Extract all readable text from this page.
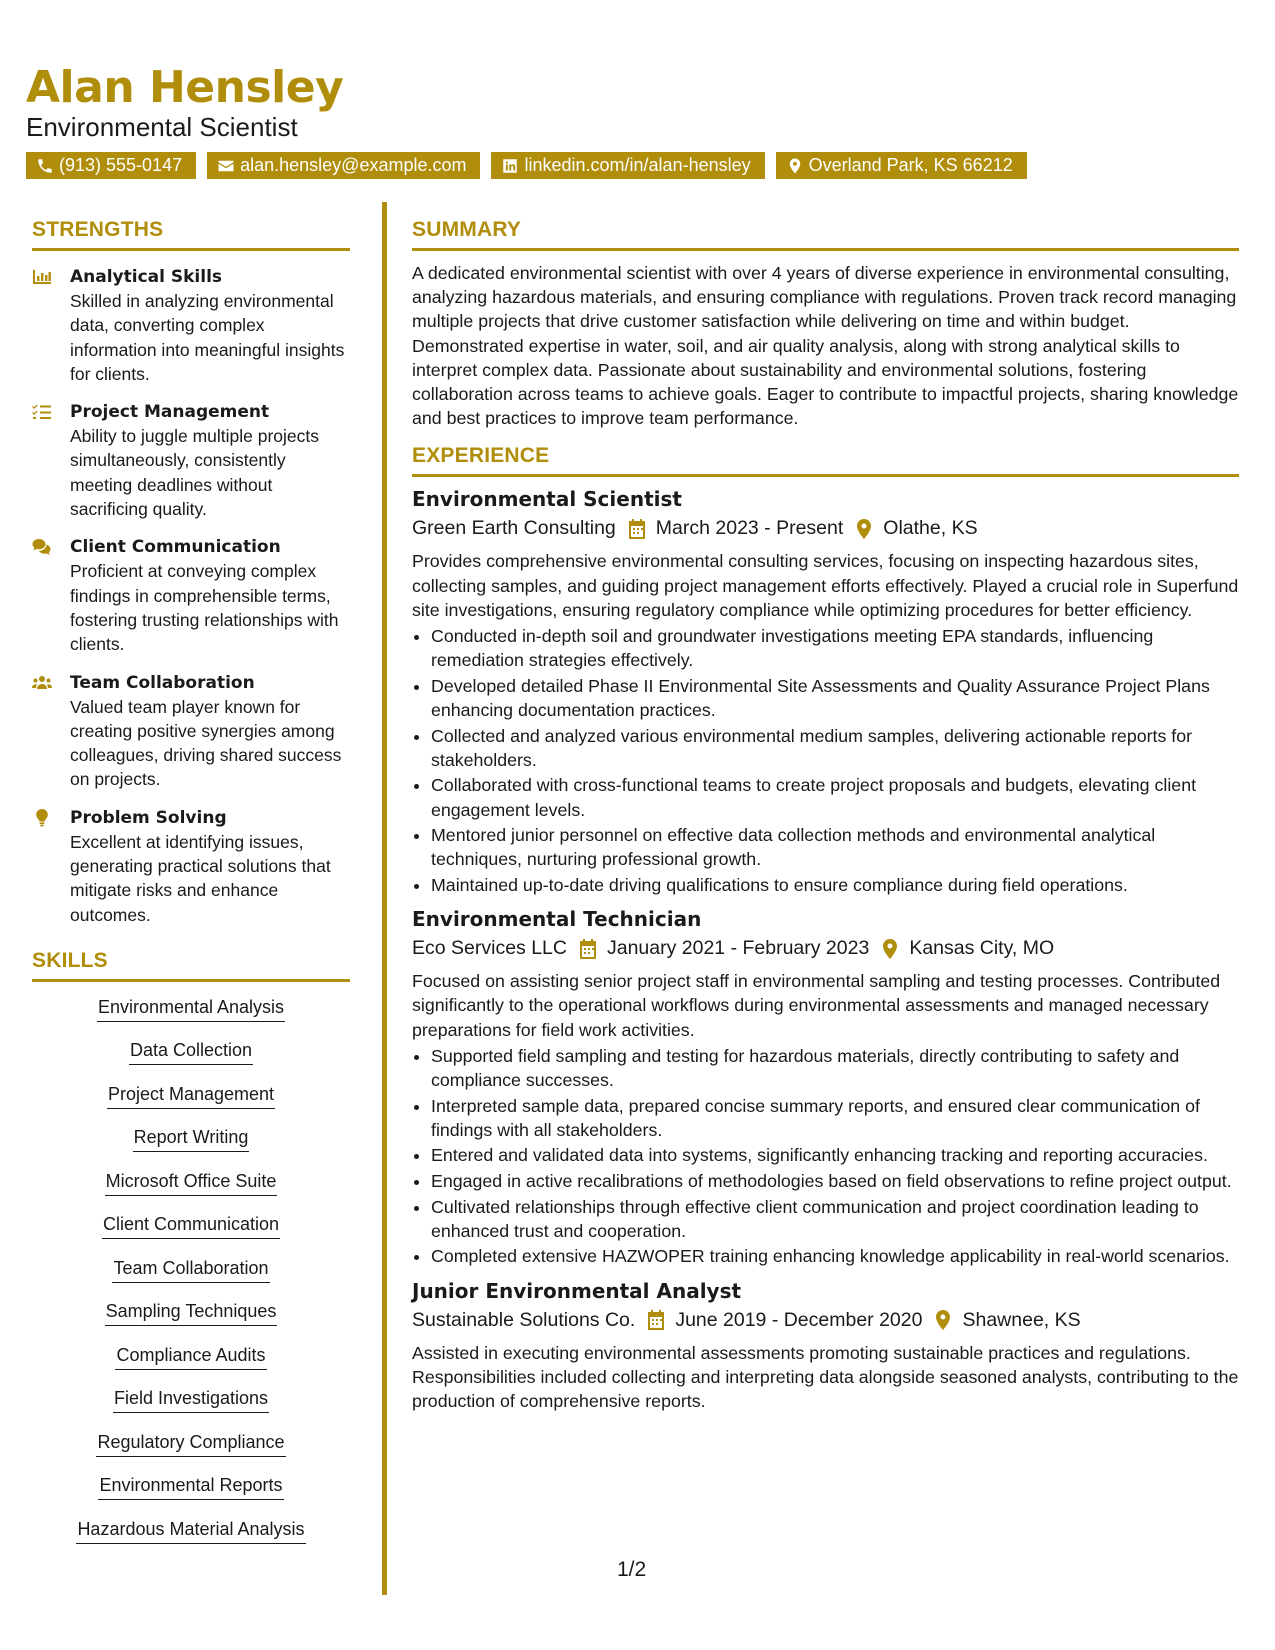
Alan Hensley
Environmental Scientist
(913) 555-0147	alan.hensley@example.com	linkedin.com/in/alan-hensley	Overland Park, KS 66212
STRENGTHS
Analytical Skills
Skilled in analyzing environmental data, converting complex information into meaningful insights for clients.
Project Management
Ability to juggle multiple projects simultaneously, consistently meeting deadlines without sacrificing quality.
Client Communication
Proficient at conveying complex findings in comprehensible terms, fostering trusting relationships with clients.
Team Collaboration
Valued team player known for creating positive synergies among colleagues, driving shared success on projects.
Problem Solving
Excellent at identifying issues, generating practical solutions that mitigate risks and enhance outcomes.
SKILLS
Environmental Analysis
Data Collection
Project Management
Report Writing
Microsoft Office Suite
Client Communication
Team Collaboration
Sampling Techniques
Compliance Audits
Field Investigations
Regulatory Compliance
Environmental Reports
Hazardous Material Analysis
SUMMARY
A dedicated environmental scientist with over 4 years of diverse experience in environmental consulting, analyzing hazardous materials, and ensuring compliance with regulations. Proven track record managing multiple projects that drive customer satisfaction while delivering on time and within budget. Demonstrated expertise in water, soil, and air quality analysis, along with strong analytical skills to interpret complex data. Passionate about sustainability and environmental solutions, fostering collaboration across teams to achieve goals. Eager to contribute to impactful projects, sharing knowledge and best practices to improve team performance.
EXPERIENCE
Environmental Scientist
Green Earth Consulting March 2023 - Present Olathe, KS
Provides comprehensive environmental consulting services, focusing on inspecting hazardous sites, collecting samples, and guiding project management efforts effectively. Played a crucial role in Superfund site investigations, ensuring regulatory compliance while optimizing procedures for better efficiency.
• Conducted in-depth soil and groundwater investigations meeting EPA standards, influencing remediation strategies effectively.
• Developed detailed Phase II Environmental Site Assessments and Quality Assurance Project Plans enhancing documentation practices.
• Collected and analyzed various environmental medium samples, delivering actionable reports for stakeholders.
• Collaborated with cross-functional teams to create project proposals and budgets, elevating client engagement levels.
• Mentored junior personnel on effective data collection methods and environmental analytical techniques, nurturing professional growth.
• Maintained up-to-date driving qualifications to ensure compliance during field operations.
Environmental Technician
Eco Services LLC January 2021 - February 2023 Kansas City, MO
Focused on assisting senior project staff in environmental sampling and testing processes. Contributed significantly to the operational workflows during environmental assessments and managed necessary preparations for field work activities.
• Supported field sampling and testing for hazardous materials, directly contributing to safety and compliance successes.
• Interpreted sample data, prepared concise summary reports, and ensured clear communication of findings with all stakeholders.
• Entered and validated data into systems, significantly enhancing tracking and reporting accuracies.
• Engaged in active recalibrations of methodologies based on field observations to refine project output.
• Cultivated relationships through effective client communication and project coordination leading to enhanced trust and cooperation.
• Completed extensive HAZWOPER training enhancing knowledge applicability in real-world scenarios.
Junior Environmental Analyst
Sustainable Solutions Co. June 2019 - December 2020 Shawnee, KS
Assisted in executing environmental assessments promoting sustainable practices and regulations. Responsibilities included collecting and interpreting data alongside seasoned analysts, contributing to the production of comprehensive reports.
1/2
